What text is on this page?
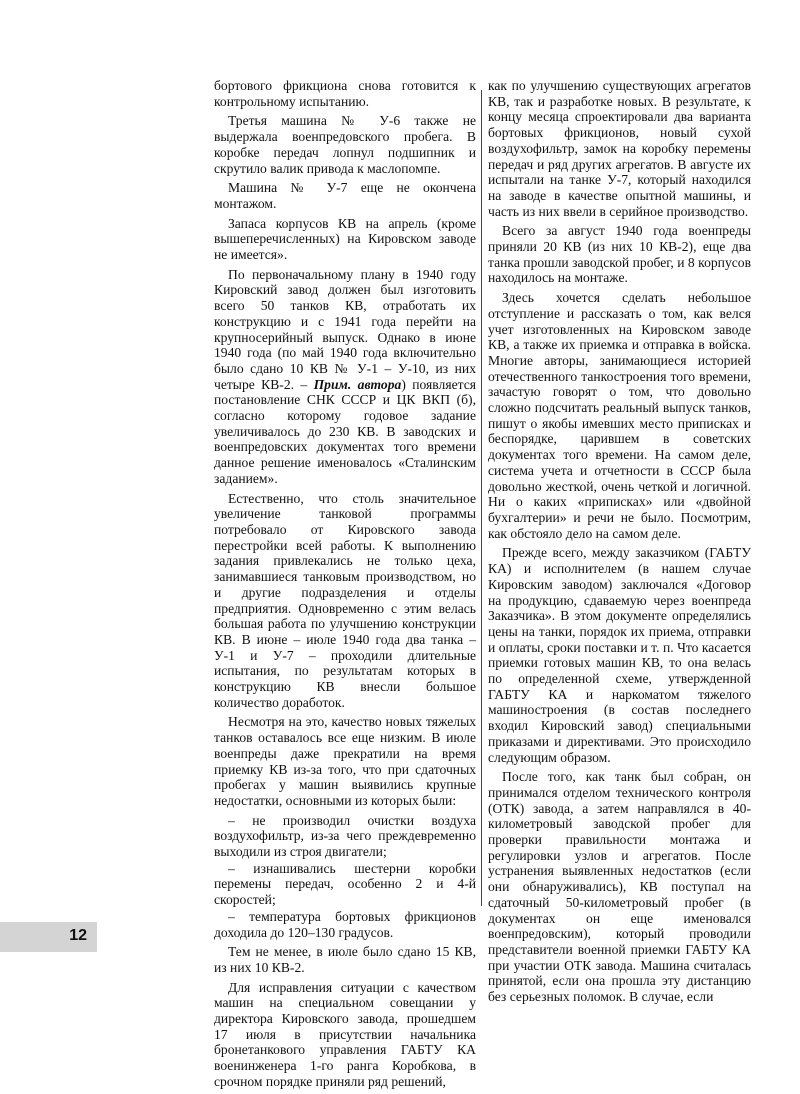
бортового фрикциона снова готовится к контрольному испытанию.

Третья машина № У-6 также не выдержала военпредовского пробега. В коробке передач лопнул подшипник и скрутило валик привода к маслопомпе.

Машина № У-7 еще не окончена монтажом.

Запаса корпусов КВ на апрель (кроме вышеперечисленных) на Кировском заводе не имеется».

По первоначальному плану в 1940 году Кировский завод должен был изготовить всего 50 танков КВ, отработать их конструкцию и с 1941 года перейти на крупносерийный выпуск. Однако в июне 1940 года (по май 1940 года включительно было сдано 10 КВ № У-1 – У-10, из них четыре КВ-2. – Прим. автора) появляется постановление СНК СССР и ЦК ВКП (б), согласно которому годовое задание увеличивалось до 230 КВ. В заводских и военпредовских документах того времени данное решение именовалось «Сталинским заданием».

Естественно, что столь значительное увеличение танковой программы потребовало от Кировского завода перестройки всей работы. К выполнению задания привлекались не только цеха, занимавшиеся танковым производством, но и другие подразделения и отделы предприятия. Одновременно с этим велась большая работа по улучшению конструкции КВ. В июне – июле 1940 года два танка – У-1 и У-7 – проходили длительные испытания, по результатам которых в конструкцию КВ внесли большое количество доработок.

Несмотря на это, качество новых тяжелых танков оставалось все еще низким. В июле военпреды даже прекратили на время приемку КВ из-за того, что при сдаточных пробегах у машин выявились крупные недостатки, основными из которых были:

– не производил очистки воздуха воздухофильтр, из-за чего преждевременно выходили из строя двигатели;

– изнашивались шестерни коробки перемены передач, особенно 2 и 4-й скоростей;

– температура бортовых фрикционов доходила до 120–130 градусов.

Тем не менее, в июле было сдано 15 КВ, из них 10 КВ-2.

Для исправления ситуации с качеством машин на специальном совещании у директора Кировского завода, прошедшем 17 июля в присутствии начальника бронетанкового управления ГАБТУ КА военинженера 1-го ранга Коробкова, в срочном порядке приняли ряд решений,

как по улучшению существующих агрегатов КВ, так и разработке новых. В результате, к концу месяца спроектировали два варианта бортовых фрикционов, новый сухой воздухофильтр, замок на коробку перемены передач и ряд других агрегатов. В августе их испытали на танке У-7, который находился на заводе в качестве опытной машины, и часть из них ввели в серийное производство.

Всего за август 1940 года военпреды приняли 20 КВ (из них 10 КВ-2), еще два танка прошли заводской пробег, и 8 корпусов находилось на монтаже.

Здесь хочется сделать небольшое отступление и рассказать о том, как велся учет изготовленных на Кировском заводе КВ, а также их приемка и отправка в войска. Многие авторы, занимающиеся историей отечественного танкостроения того времени, зачастую говорят о том, что довольно сложно подсчитать реальный выпуск танков, пишут о якобы имевших место приписках и беспорядке, царившем в советских документах того времени. На самом деле, система учета и отчетности в СССР была довольно жесткой, очень четкой и логичной. Ни о каких «приписках» или «двойной бухгалтерии» и речи не было. Посмотрим, как обстояло дело на самом деле.

Прежде всего, между заказчиком (ГАБТУ КА) и исполнителем (в нашем случае Кировским заводом) заключался «Договор на продукцию, сдаваемую через военпреда Заказчика». В этом документе определялись цены на танки, порядок их приема, отправки и оплаты, сроки поставки и т. п. Что касается приемки готовых машин КВ, то она велась по определенной схеме, утвержденной ГАБТУ КА и наркоматом тяжелого машиностроения (в состав последнего входил Кировский завод) специальными приказами и директивами. Это происходило следующим образом.

После того, как танк был собран, он принимался отделом технического контроля (ОТК) завода, а затем направлялся в 40-километровый заводской пробег для проверки правильности монтажа и регулировки узлов и агрегатов. После устранения выявленных недостатков (если они обнаруживались), КВ поступал на сдаточный 50-километровый пробег (в документах он еще именовался военпредовским), который проводили представители военной приемки ГАБТУ КА при участии ОТК завода. Машина считалась принятой, если она прошла эту дистанцию без серьезных поломок. В случае, если

12
